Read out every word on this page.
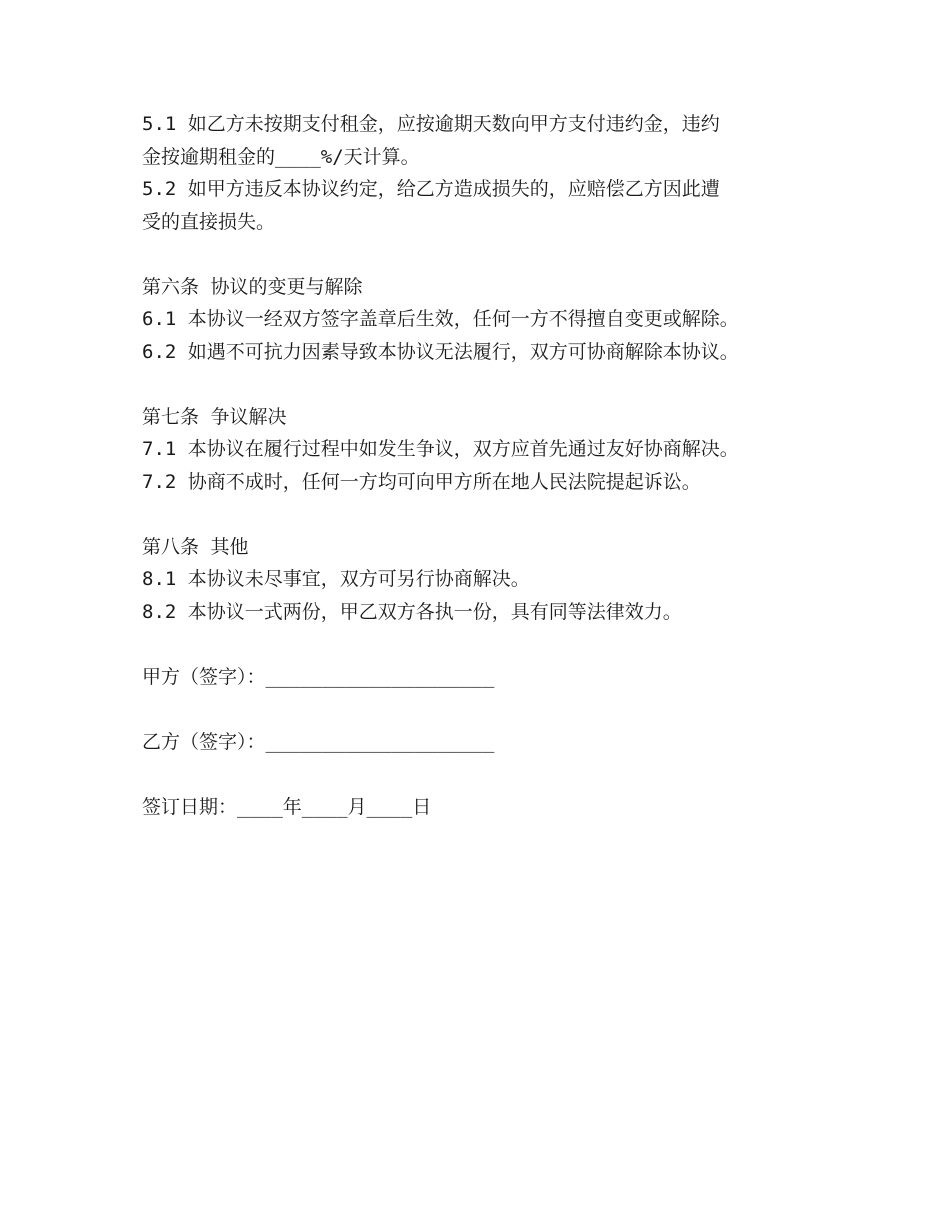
5.1 如乙方未按期支付租金，应按逾期天数向甲方支付违约金，违约

金按逾期租金的____%/天计算。

5.2 如甲方违反本协议约定，给乙方造成损失的，应赔偿乙方因此遭

受的直接损失。

第六条 协议的变更与解除

6.1 本协议一经双方签字盖章后生效，任何一方不得擅自变更或解除。

6.2 如遇不可抗力因素导致本协议无法履行，双方可协商解除本协议。

第七条 争议解决

7.1 本协议在履行过程中如发生争议，双方应首先通过友好协商解决。

7.2 协商不成时，任何一方均可向甲方所在地人民法院提起诉讼。

第八条 其他

8.1 本协议未尽事宜，双方可另行协商解决。

8.2 本协议一式两份，甲乙双方各执一份，具有同等法律效力。

甲方（签字）：____________________
乙方（签字）：____________________
签订日期：____年____月____日
